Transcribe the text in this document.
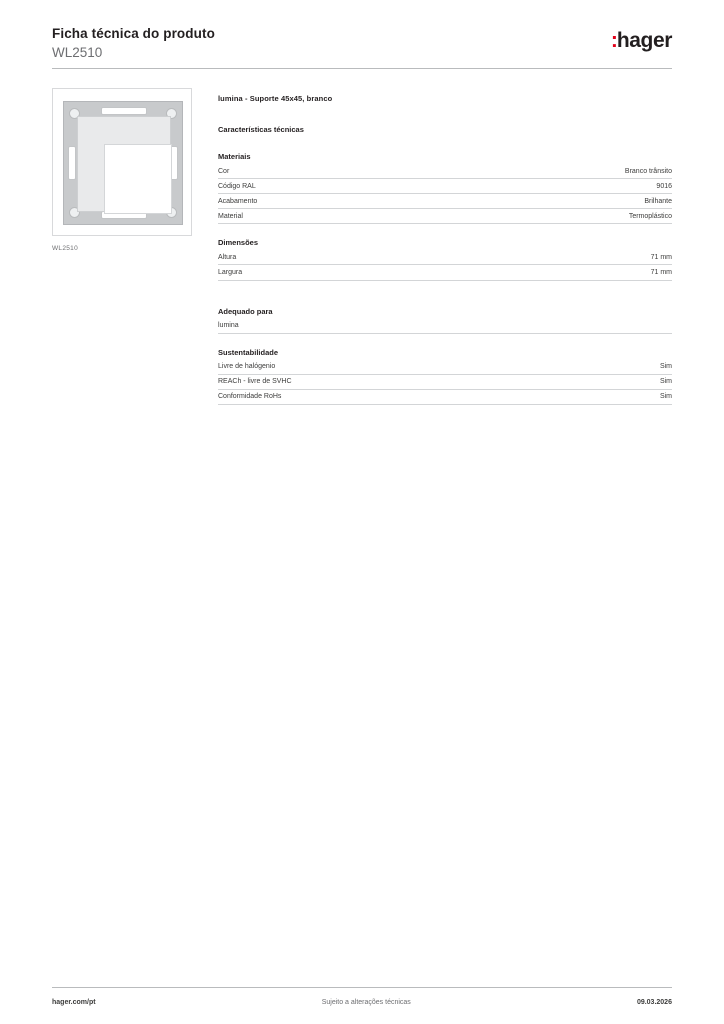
Ficha técnica do produto
WL2510
:hager
WL2510
lumina - Suporte 45x45, branco
Características técnicas
Materiais
Cor	Branco trânsito
Código RAL	9016
Acabamento	Brilhante
Material	Termoplástico
Dimensões
Altura	71 mm
Largura	71 mm
Adequado para
lumina
Sustentabilidade
Livre de halógenio	Sim
REACh - livre de SVHC	Sim
Conformidade RoHs	Sim
hager.com/pt	Sujeito a alterações técnicas	09.03.2026
